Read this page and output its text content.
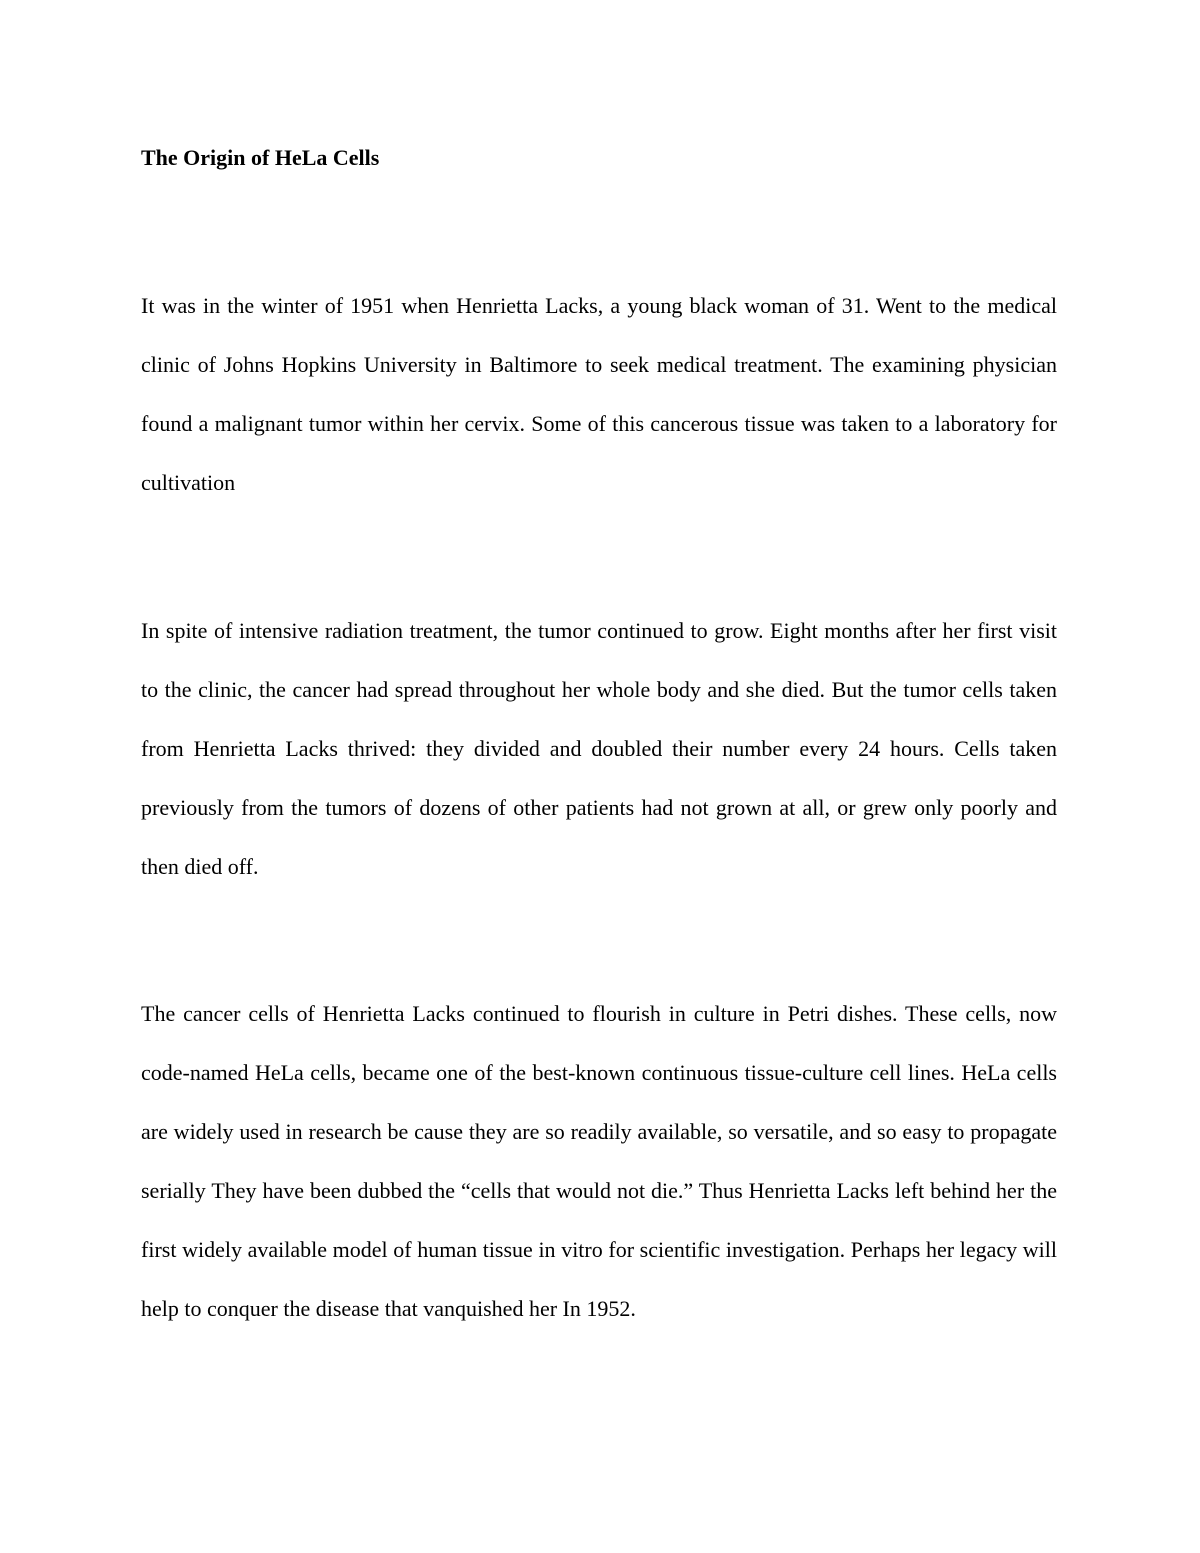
The Origin of HeLa Cells

It was in the winter of 1951 when Henrietta Lacks, a young black woman of 31. Went to the medical clinic of Johns Hopkins University in Baltimore to seek medical treatment. The examining physician found a malignant tumor within her cervix. Some of this cancerous tissue was taken to a laboratory for cultivation

In spite of intensive radiation treatment, the tumor continued to grow. Eight months after her first visit to the clinic, the cancer had spread throughout her whole body and she died. But the tumor cells taken from Henrietta Lacks thrived: they divided and doubled their number every 24 hours. Cells taken previously from the tumors of dozens of other patients had not grown at all, or grew only poorly and then died off.

The cancer cells of Henrietta Lacks continued to flourish in culture in Petri dishes. These cells, now code-named HeLa cells, became one of the best-known continuous tissue-culture cell lines. HeLa cells are widely used in research be cause they are so readily available, so versatile, and so easy to propagate serially They have been dubbed the “cells that would not die.” Thus Henrietta Lacks left behind her the first widely available model of human tissue in vitro for scientific investigation. Perhaps her legacy will help to conquer the disease that vanquished her In 1952.
